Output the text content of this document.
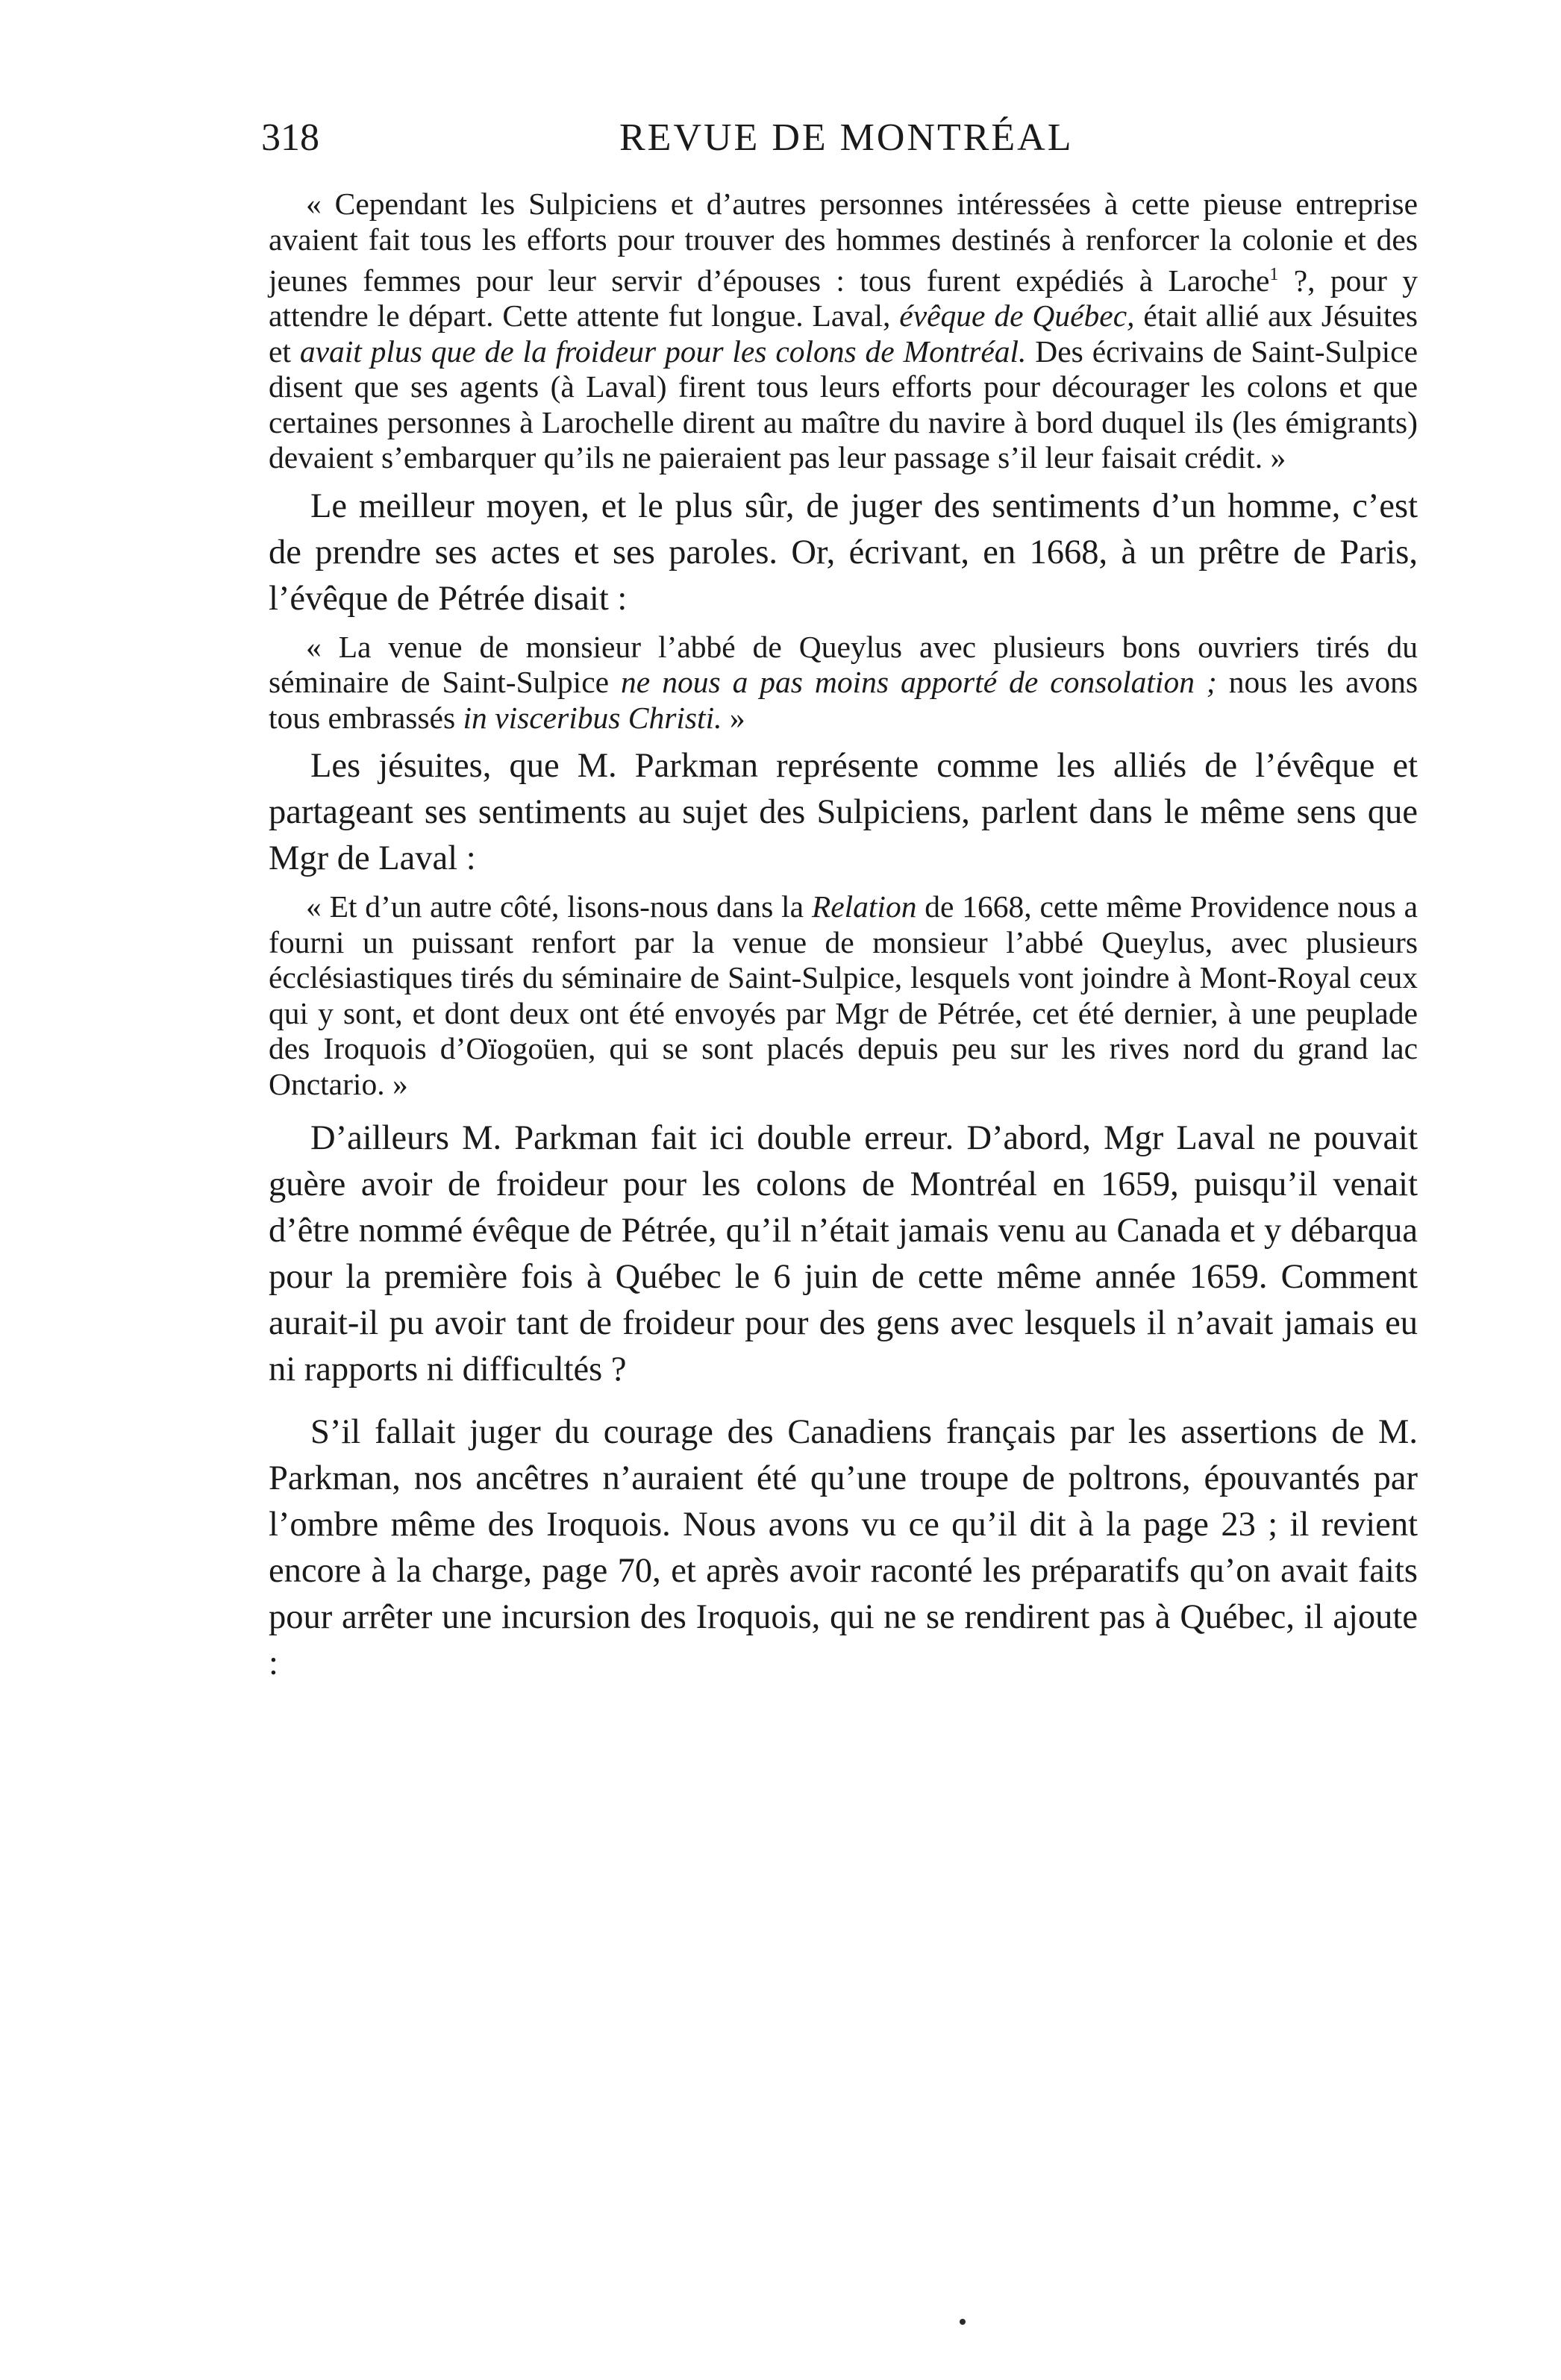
318	REVUE DE MONTRÉAL

« Cependant les Sulpiciens et d’autres personnes intéressées à cette pieuse entreprise avaient fait tous les efforts pour trouver des hommes destinés à renforcer la colonie et des jeunes femmes pour leur servir d’épouses : tous furent expédiés à Laroche$^1$ ?, pour y attendre le départ. Cette attente fut longue. Laval, évêque de Québec, était allié aux Jésuites et avait plus que de la froideur pour les colons de Montréal. Des écrivains de Saint-Sulpice disent que ses agents (à Laval) firent tous leurs efforts pour décourager les colons et que certaines personnes à Larochelle dirent au maître du navire à bord duquel ils (les émigrants) devaient s’embarquer qu’ils ne paieraient pas leur passage s’il leur faisait crédit. »

Le meilleur moyen, et le plus sûr, de juger des sentiments d’un homme, c’est de prendre ses actes et ses paroles. Or, écrivant, en 1668, à un prêtre de Paris, l’évêque de Pétrée disait :

« La venue de monsieur l’abbé de Queylus avec plusieurs bons ouvriers tirés du séminaire de Saint-Sulpice ne nous a pas moins apporté de consolation ; nous les avons tous embrassés in visceribus Christi. »

Les jésuites, que M. Parkman représente comme les alliés de l’évêque et partageant ses sentiments au sujet des Sulpiciens, parlent dans le même sens que Mgr de Laval :

« Et d’un autre côté, lisons-nous dans la Relation de 1668, cette même Providence nous a fourni un puissant renfort par la venue de monsieur l’abbé Queylus, avec plusieurs écclésiastiques tirés du séminaire de Saint-Sulpice, lesquels vont joindre à Mont-Royal ceux qui y sont, et dont deux ont été envoyés par Mgr de Pétrée, cet été dernier, à une peuplade des Iroquois d’Oïogoüen, qui se sont placés depuis peu sur les rives nord du grand lac Onctario. »

D’ailleurs M. Parkman fait ici double erreur. D’abord, Mgr Laval ne pouvait guère avoir de froideur pour les colons de Montréal en 1659, puisqu’il venait d’être nommé évêque de Pétrée, qu’il n’était jamais venu au Canada et y débarqua pour la première fois à Québec le 6 juin de cette même année 1659. Comment aurait-il pu avoir tant de froideur pour des gens avec lesquels il n’avait jamais eu ni rapports ni difficultés ?

S’il fallait juger du courage des Canadiens français par les assertions de M. Parkman, nos ancêtres n’auraient été qu’une troupe de poltrons, épouvantés par l’ombre même des Iroquois. Nous avons vu ce qu’il dit à la page 23 ; il revient encore à la charge, page 70, et après avoir raconté les préparatifs qu’on avait faits pour arrêter une incursion des Iroquois, qui ne se rendirent pas à Québec, il ajoute :
